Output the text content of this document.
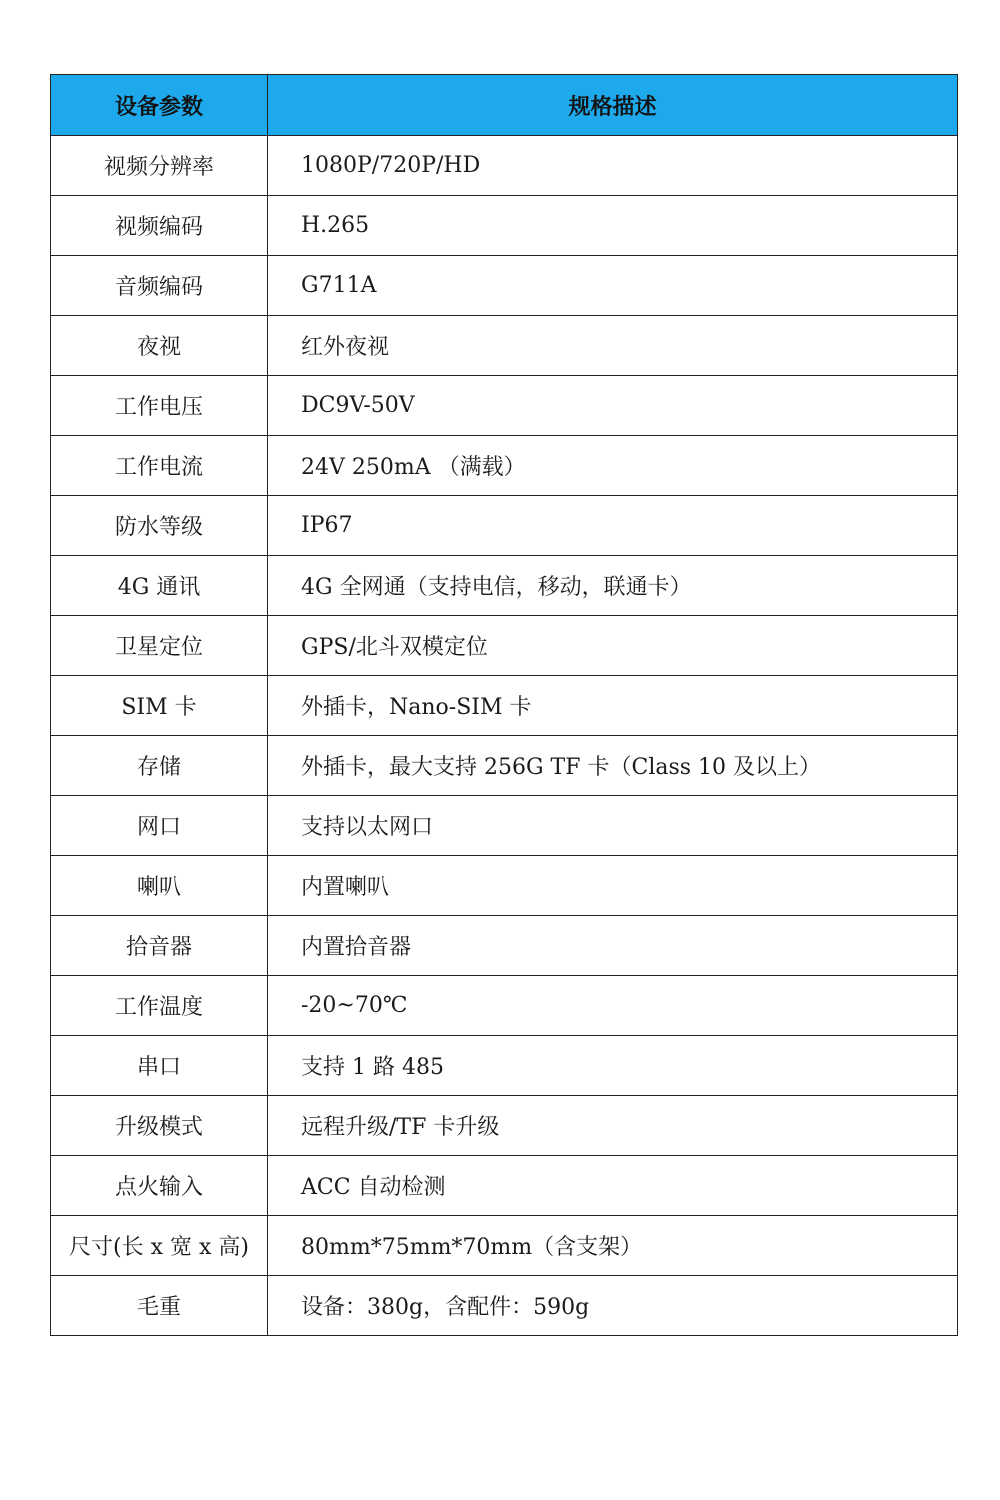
设备参数	规格描述
视频分辨率	1080P/720P/HD
视频编码	H.265
音频编码	G711A
夜视	红外夜视
工作电压	DC9V-50V
工作电流	24V 250mA （满载）
防水等级	IP67
4G 通讯	4G 全网通（支持电信，移动，联通卡）
卫星定位	GPS/北斗双模定位
SIM 卡	外插卡，Nano-SIM 卡
存储	外插卡，最大支持 256G TF 卡（Class 10 及以上）
网口	支持以太网口
喇叭	内置喇叭
拾音器	内置拾音器
工作温度	-20~70℃
串口	支持 1 路 485
升级模式	远程升级/TF 卡升级
点火输入	ACC 自动检测
尺寸(长 x 宽 x 高)	80mm*75mm*70mm（含支架）
毛重	设备：380g，含配件：590g
